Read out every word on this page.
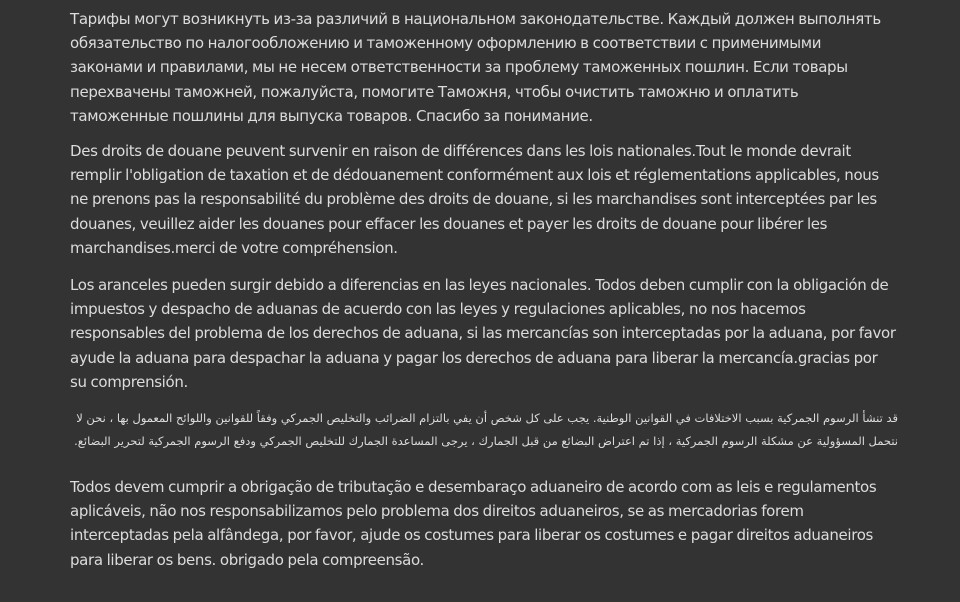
Тарифы могут возникнуть из-за различий в национальном законодательстве. Каждый должен выполнять обязательство по налогообложению и таможенному оформлению в соответствии с применимыми законами и правилами, мы не несем ответственности за проблему таможенных пошлин. Если товары перехвачены таможней, пожалуйста, помогите Таможня, чтобы очистить таможню и оплатить таможенные пошлины для выпуска товаров. Спасибо за понимание.

Des droits de douane peuvent survenir en raison de différences dans les lois nationales.Tout le monde devrait remplir l'obligation de taxation et de dédouanement conformément aux lois et réglementations applicables, nous ne prenons pas la responsabilité du problème des droits de douane, si les marchandises sont interceptées par les douanes, veuillez aider les douanes pour effacer les douanes et payer les droits de douane pour libérer les marchandises.merci de votre compréhension.

Los aranceles pueden surgir debido a diferencias en las leyes nacionales. Todos deben cumplir con la obligación de impuestos y despacho de aduanas de acuerdo con las leyes y regulaciones aplicables, no nos hacemos responsables del problema de los derechos de aduana, si las mercancías son interceptadas por la aduana, por favor ayude la aduana para despachar la aduana y pagar los derechos de aduana para liberar la mercancía.gracias por su comprensión.

قد تنشأ الرسوم الجمركية بسبب الاختلافات في القوانين الوطنية. يجب على كل شخص أن يفي بالتزام الضرائب والتخليص الجمركي وفقاً للقوانين واللوائح المعمول بها ، نحن لا نتحمل المسؤولية عن مشكلة الرسوم الجمركية ، إذا تم اعتراض البضائع من قبل الجمارك ، يرجى المساعدة الجمارك للتخليص الجمركي ودفع الرسوم الجمركية لتحرير البضائع.

Todos devem cumprir a obrigação de tributação e desembaraço aduaneiro de acordo com as leis e regulamentos aplicáveis, não nos responsabilizamos pelo problema dos direitos aduaneiros, se as mercadorias forem interceptadas pela alfândega, por favor, ajude os costumes para liberar os costumes e pagar direitos aduaneiros para liberar os bens. obrigado pela compreensão.
